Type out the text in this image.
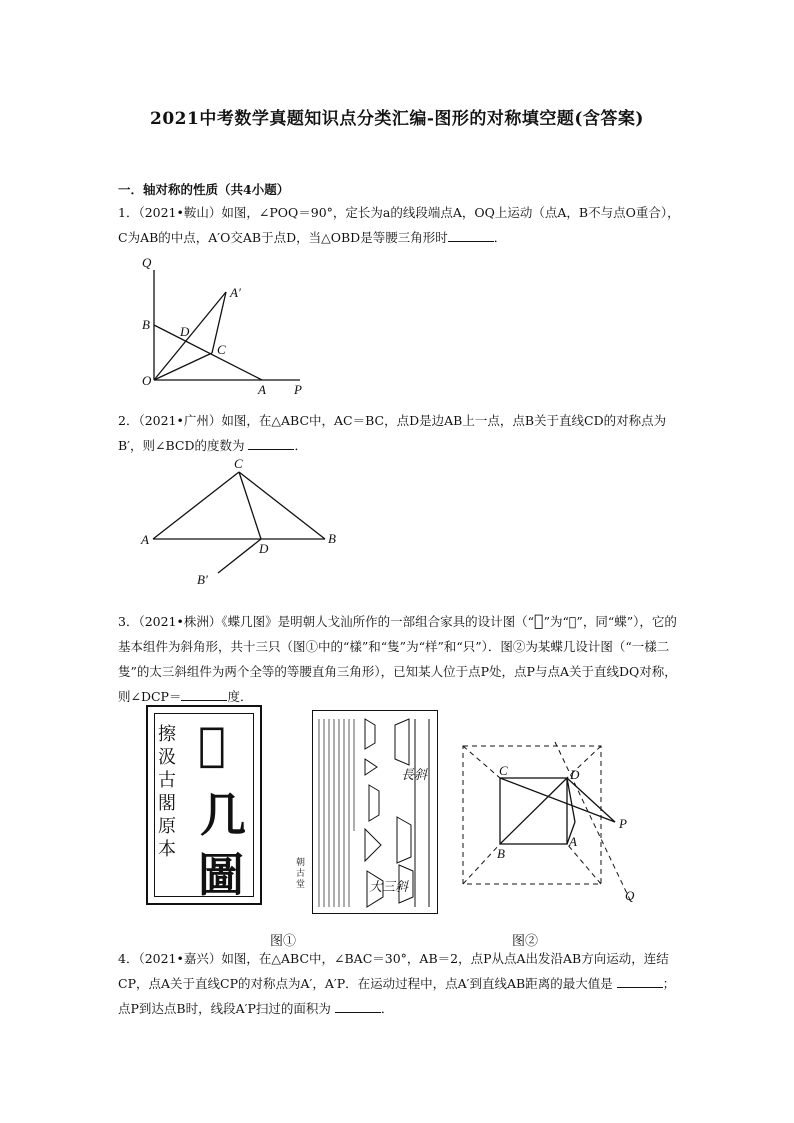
2021中考数学真题知识点分类汇编-图形的对称填空题(含答案)
一．轴对称的性质（共4小题）
1．（2021•鞍山）如图，∠POQ＝90°，定长为a的线段端点A，OQ上运动（点A，B不与点O重合），C为AB的中点，A′O交AB于点D，当△OBD是等腰三角形时	．
Q
A′
B D
C
O
A P
2．（2021•广州）如图，在△ABC中，AC＝BC，点D是边AB上一点，点B关于直线CD的对称点为B′，则∠BCD的度数为	．
C
A
D
B
B′
3．（2021•株洲）《蝶几图》是明朝人戈汕所作的一部组合家具的设计图（“𨁴”为“𨁴”，同“蝶”），它的基本组件为斜角形，共十三只（图①中的“樣”和“隻”为“样”和“只”）．图②为某蝶几设计图（“一樣二隻”的太三斜组件为两个全等的等腰直角三角形），已知某人位于点P处，点P与点A关于直线DQ对称，则∠DCP＝	度．
擦汲古閣原本
𨁴
几
圖
長斜
大三斜
朝古堂
C	D
P
B
A
Q
图①	图②
4．（2021•嘉兴）如图，在△ABC中，∠BAC＝30°，AB＝2，点P从点A出发沿AB方向运动，连结CP，点A关于直线CP的对称点为A′，A′P．在运动过程中，点A′到直线AB距离的最大值是	；点P到达点B时，线段A′P扫过的面积为	．
